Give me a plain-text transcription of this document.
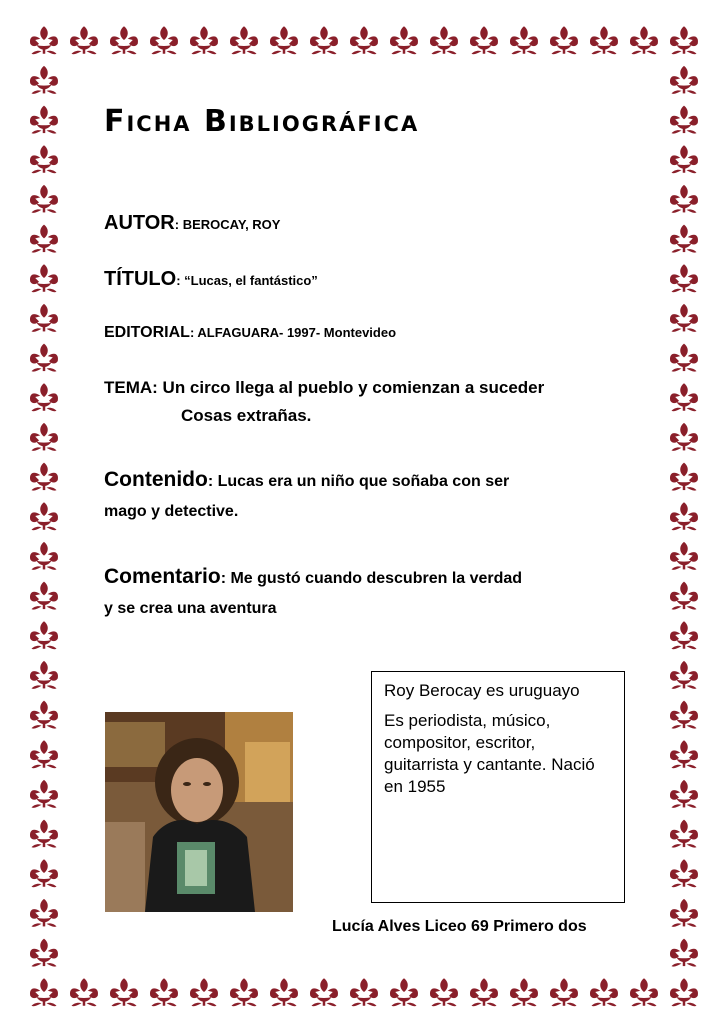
Ficha Bibliográfica
AUTOR: BEROCAY, ROY
TÍTULO: “Lucas, el fantástico”
EDITORIAL: ALFAGUARA- 1997- Montevideo
TEMA: Un circo llega al pueblo y comienzan a suceder
Cosas extrañas.
Contenido: Lucas era un niño que soñaba con ser
mago y detective.
Comentario: Me gustó cuando descubren la verdad
y se crea una aventura

Roy Berocay es uruguayo

Es periodista, músico, compositor, escritor, guitarrista y cantante. Nació en 1955

Lucía Alves Liceo 69 Primero dos
